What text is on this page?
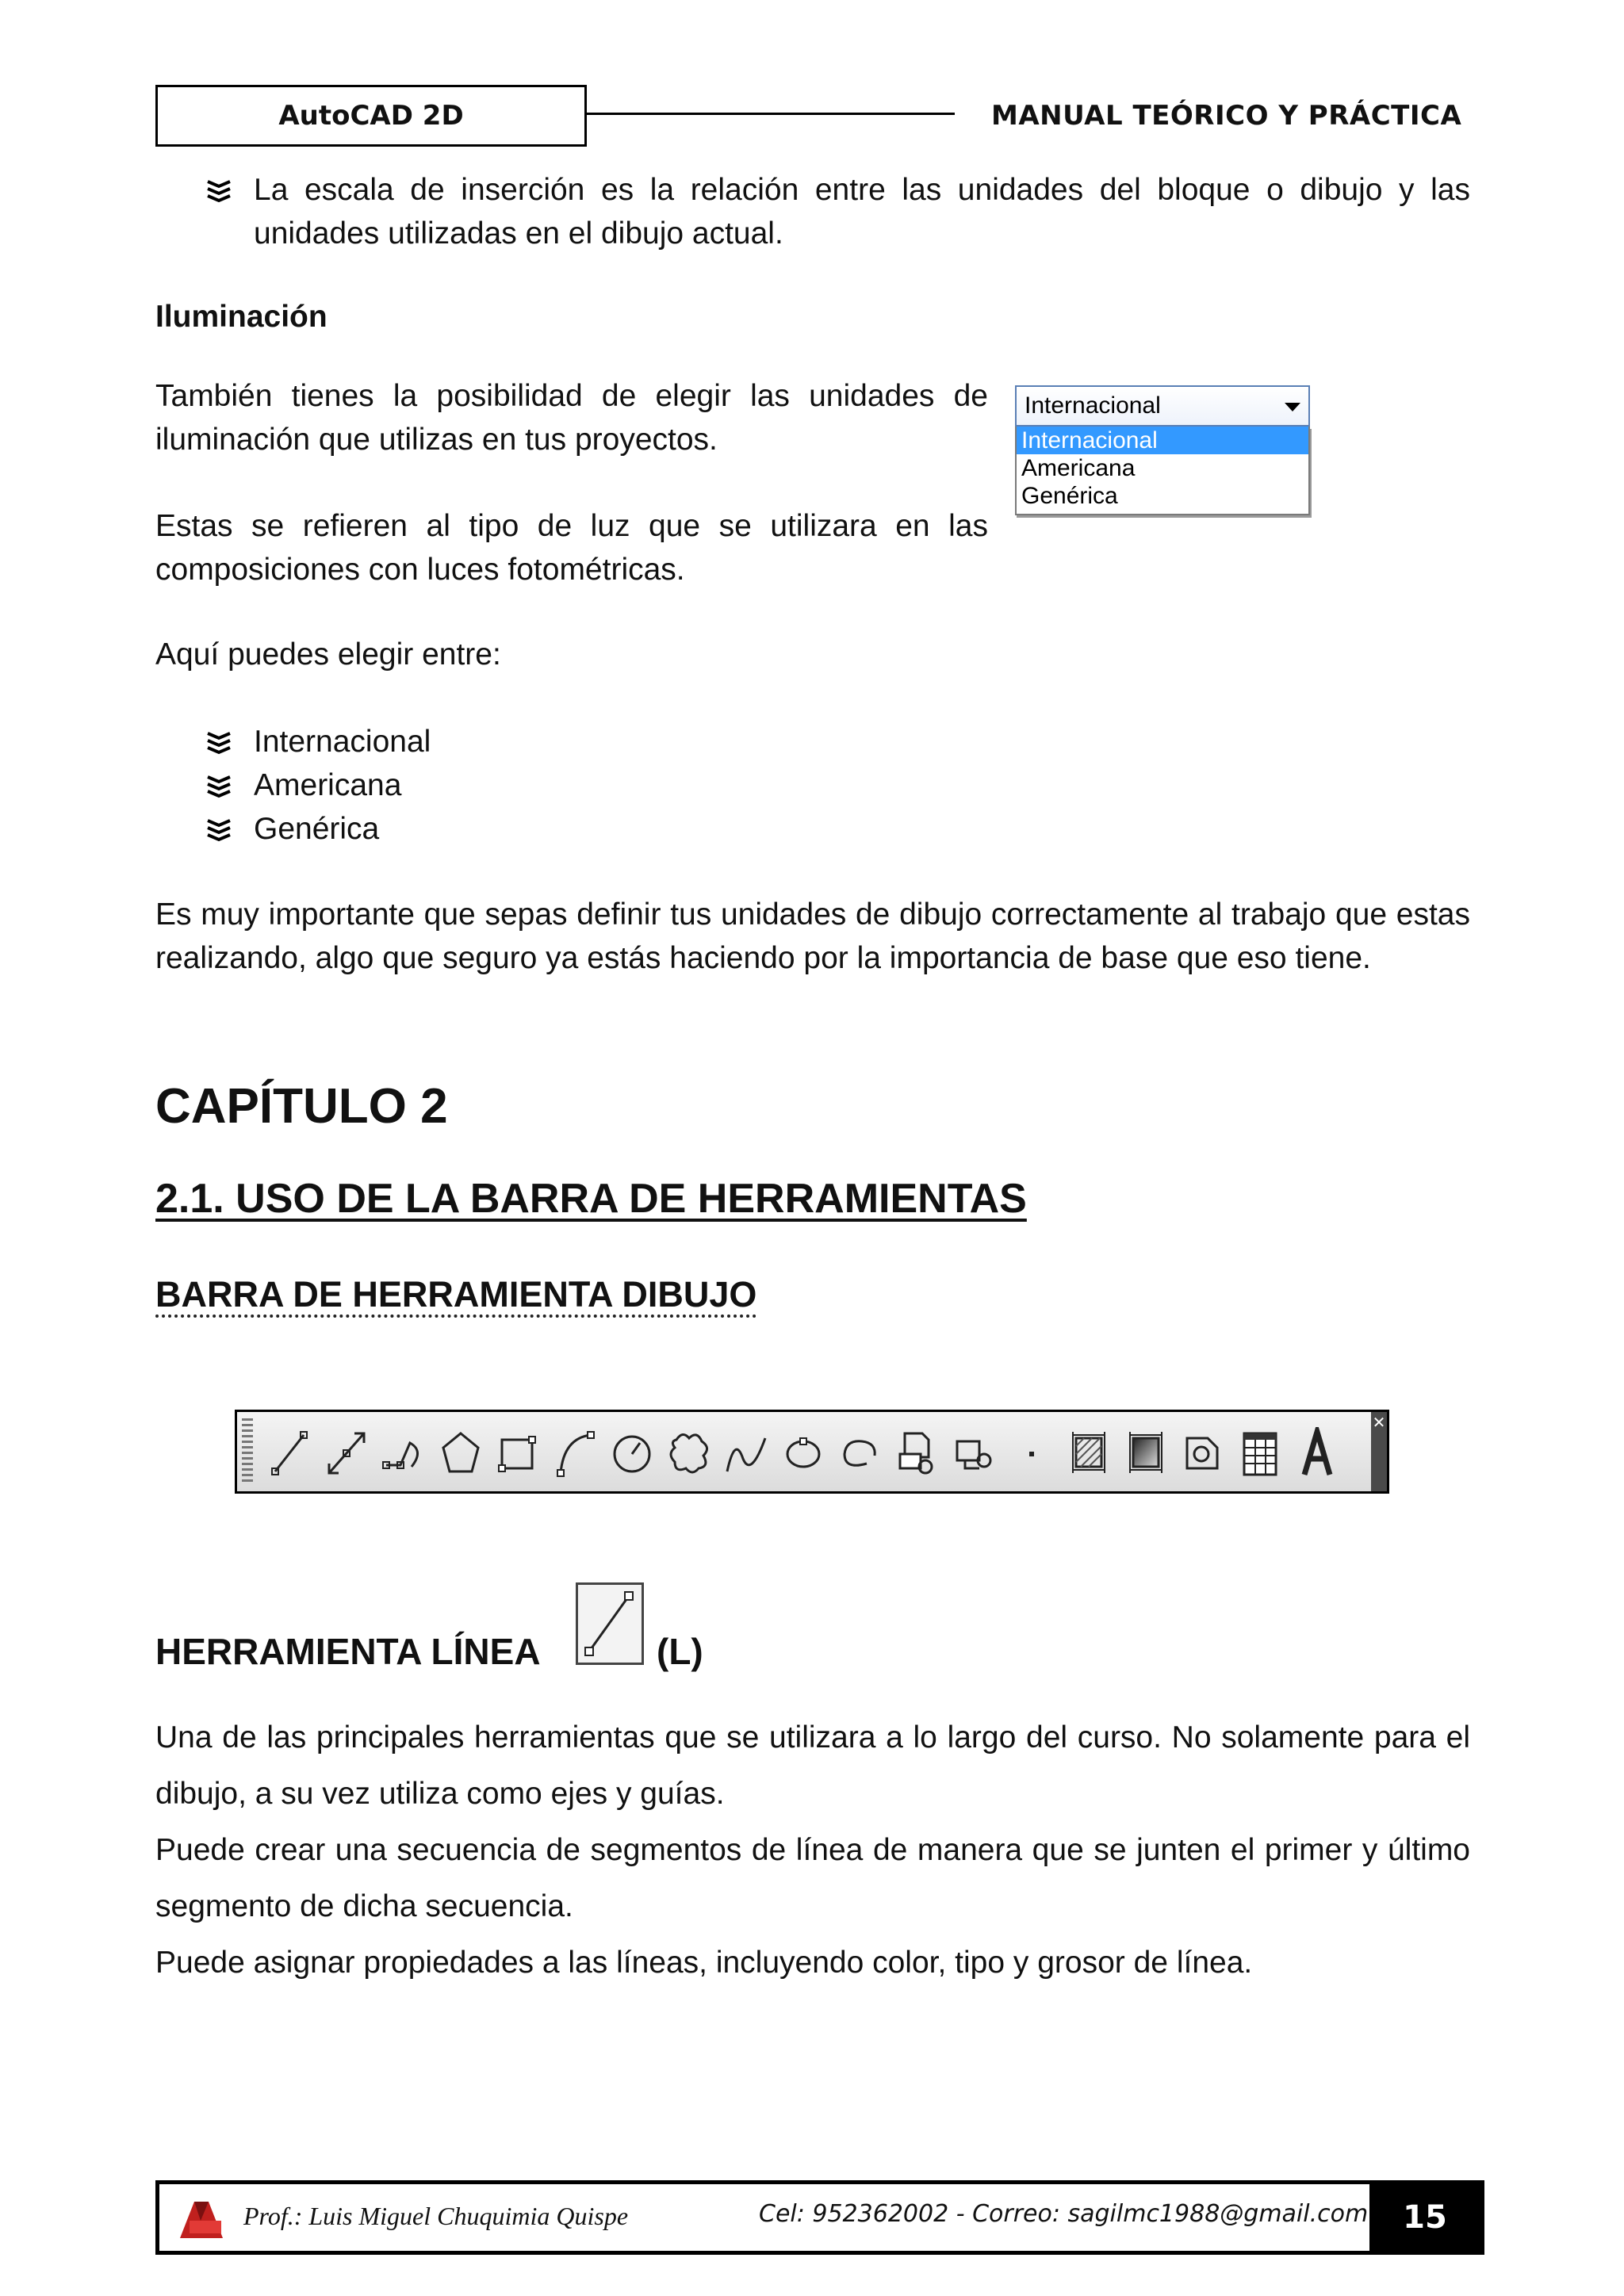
AutoCAD 2D	MANUAL TEÓRICO Y PRÁCTICA
La escala de inserción es la relación entre las unidades del bloque o dibujo y las unidades utilizadas en el dibujo actual.
Iluminación
También tienes la posibilidad de elegir las unidades de iluminación que utilizas en tus proyectos.
Estas se refieren al tipo de luz que se utilizara en las composiciones con luces fotométricas.
Aquí puedes elegir entre:
Internacional
Internacional
Americana
Genérica
Internacional
Americana
Genérica
Es muy importante que sepas definir tus unidades de dibujo correctamente al trabajo que estas realizando, algo que seguro ya estás haciendo por la importancia de base que eso tiene.
CAPÍTULO 2
2.1. USO DE LA BARRA DE HERRAMIENTAS
BARRA DE HERRAMIENTA DIBUJO
✕
HERRAMIENTA LÍNEA	(L)
Una de las principales herramientas que se utilizara a lo largo del curso. No solamente para el dibujo, a su vez utiliza como ejes y guías.
Puede crear una secuencia de segmentos de línea de manera que se junten el primer y último segmento de dicha secuencia.
Puede asignar propiedades a las líneas, incluyendo color, tipo y grosor de línea.
Prof.: Luis Miguel Chuquimia Quispe	Cel: 952362002 - Correo: sagilmc1988@gmail.com	15
